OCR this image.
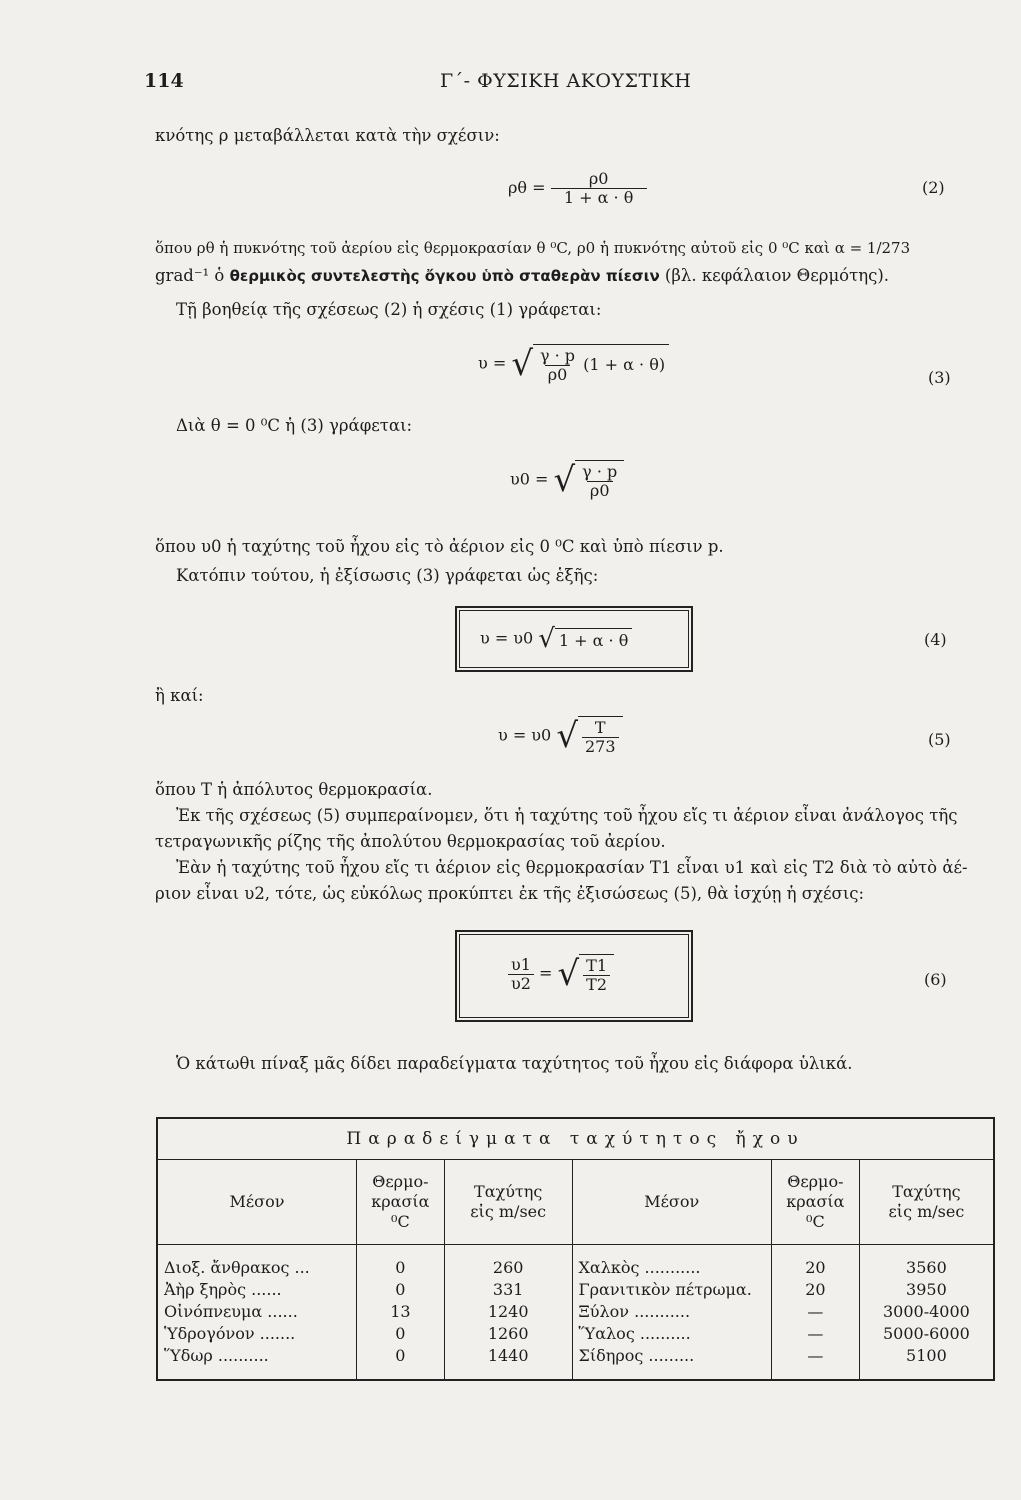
114	Γ΄- ΦΥΣΙΚΗ ΑΚΟΥΣΤΙΚΗ
κνότης ρ μεταβάλλεται κατὰ τὴν σχέσιν:
$\rho\theta = \frac{\rho 0}{1 + \alpha \cdot \theta}$	(2)
ὅπου ρθ ἡ πυκνότης τοῦ ἀερίου εἰς θερμοκρασίαν θ ⁰C, ρ0 ἡ πυκνότης αὐτοῦ εἰς 0 ⁰C καὶ α = 1/273
grad⁻¹ ὁ θερμικὸς συντελεστὴς ὄγκου ὑπὸ σταθερὰν πίεσιν (βλ. κεφάλαιον Θερμότης).
Τῇ βοηθείᾳ τῆς σχέσεως (2) ἡ σχέσις (1) γράφεται:
υ = √ $\frac{\gamma \cdot p}{\rho 0} (1 + \alpha \cdot \theta)$
(3)
Διὰ θ = 0 ⁰C ἡ (3) γράφεται:
υ0 = √ $\frac{\gamma \cdot p}{\rho 0}$
ὅπου υ0 ἡ ταχύτης τοῦ ἦχου εἰς τὸ ἀέριον εἰς 0 ⁰C καὶ ὑπὸ πίεσιν p.
Κατόπιν τούτου, ἡ ἐξίσωσις (3) γράφεται ὡς ἑξῆς:
υ = υ0 √ 1 + α · θ	(4)
ἢ καί:
υ = υ0 √ $\frac{T}{273}$	(5)
ὅπου T ἡ ἀπόλυτος θερμοκρασία.
Ἐκ τῆς σχέσεως (5) συμπεραίνομεν, ὅτι ἡ ταχύτης τοῦ ἦχου εἴς τι ἀέριον εἶναι ἀνάλογος τῆς
τετραγωνικῆς ρίζης τῆς ἀπολύτου θερμοκρασίας τοῦ ἀερίου.
Ἐὰν ἡ ταχύτης τοῦ ἦχου εἴς τι ἀέριον εἰς θερμοκρασίαν T1 εἶναι υ1 καὶ εἰς T2 διὰ τὸ αὐτὸ ἀέ-
ριον εἶναι υ2, τότε, ὡς εὐκόλως προκύπτει ἐκ τῆς ἐξισώσεως (5), θὰ ἰσχύῃ ἡ σχέσις:
$\frac{\upsilon 1}{\upsilon 2}$ = √ $\frac{T1}{T2}$	(6)
Ὁ κάτωθι πίναξ μᾶς δίδει παραδείγματα ταχύτητος τοῦ ἦχου εἰς διάφορα ὑλικά.
Παραδείγματα ταχύτητος ἤχου					
Μέσον	Θερμο-
κρασία
⁰C	Ταχύτης
εἰς m/sec	Μέσον	Θερμο-
κρασία
⁰C	Ταχύτης
εἰς m/sec
Διοξ. ἄνθρακος ...	0	260	Χαλκὸς ...........	20	3560
Ἀὴρ ξηρὸς ......	0	331	Γρανιτικὸν πέτρωμα.	20	3950
Οἰνόπνευμα ......	13	1240	Ξύλον ...........	—	3000-4000
Ὑδρογόνον .......	0	1260	Ὕαλος ..........	—	5000-6000
Ὕδωρ ..........	0	1440	Σίδηρος .........	—	5100
